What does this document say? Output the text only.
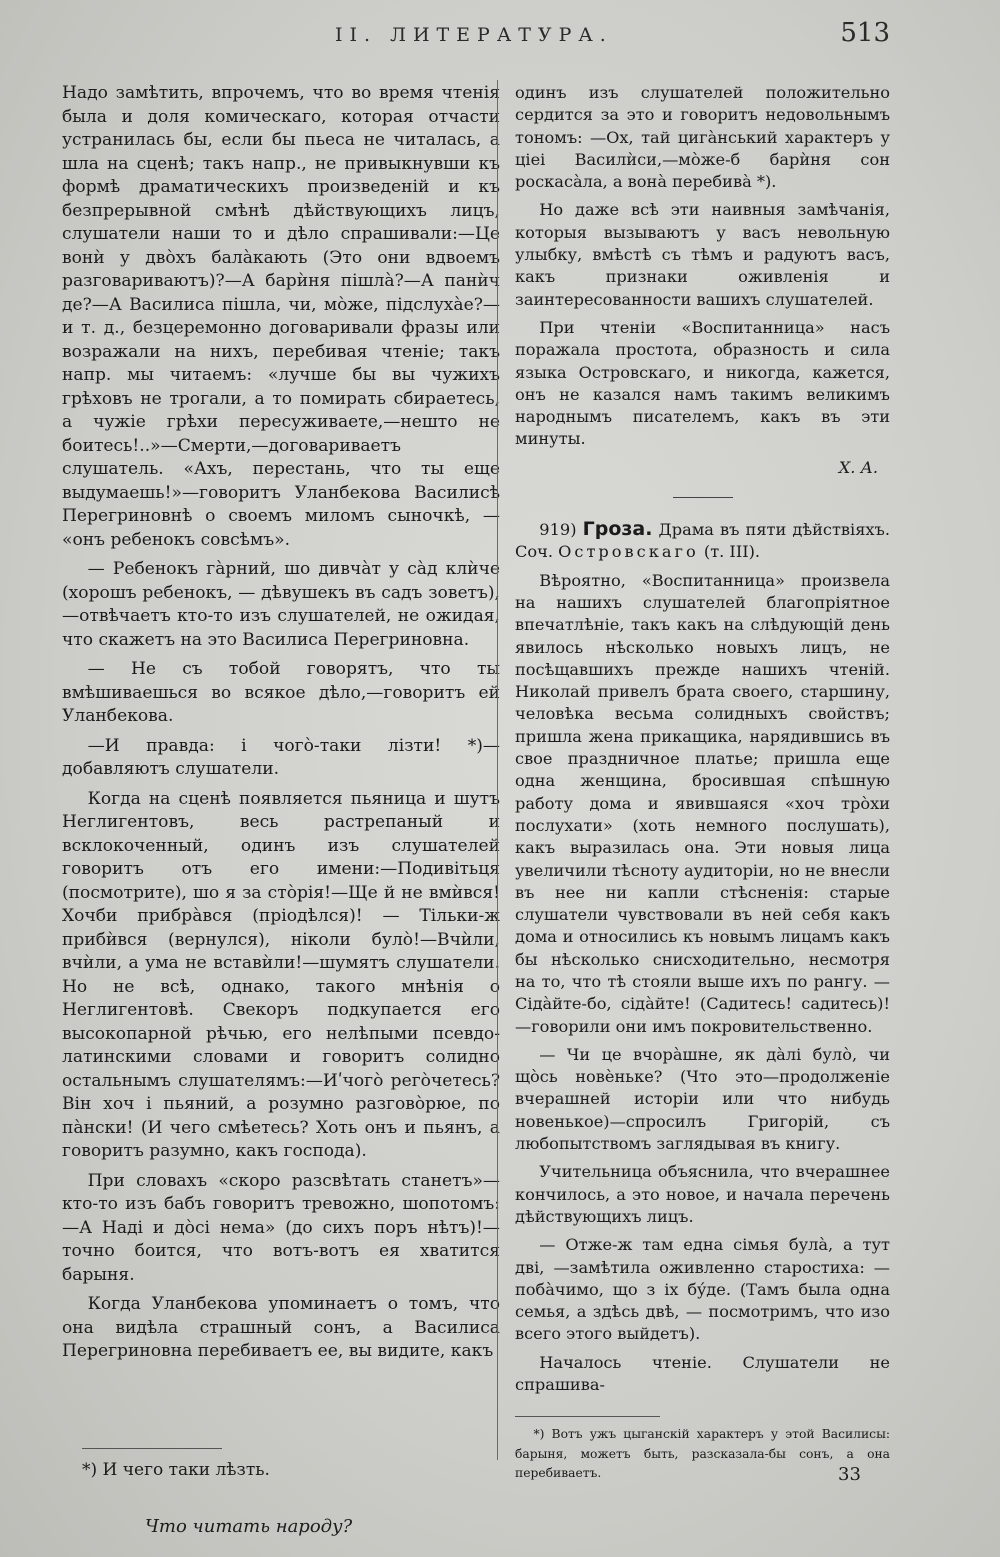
II. ЛИТЕРАТУРА.	513

Надо замѣтить, впрочемъ, что во время чтенія была и доля комическаго, которая отчасти устранилась бы, если бы пьеса не читалась, а шла на сценѣ; такъ напр., не привыкнувши къ формѣ драматическихъ произведеній и къ безпрерывной смѣнѣ дѣйствующихъ лицъ, слушатели наши то и дѣло спрашивали:—Це вонѝ у двòхъ балàкають (Это они вдвоемъ разговариваютъ)?—А барѝня пішлà?—А панѝч де?—А Василиса пішла, чи, мòже, підслухàе?—и т. д., безцеремонно договаривали фразы или возражали на нихъ, перебивая чтеніе; такъ напр. мы читаемъ: «лучше бы вы чужихъ грѣховъ не трогали, а то помирать сбираетесь, а чужіе грѣхи пересуживаете,—нешто не боитесь!..»—Смерти,—договариваетъ слушатель. «Ахъ, перестань, что ты еще выдумаешь!»—говоритъ Уланбекова Василисѣ Перегриновнѣ о своемъ миломъ сыночкѣ, — «онъ ребенокъ совсѣмъ».

— Ребенокъ гàрний, шо дивчàт у сàд клѝче (хорошъ ребенокъ, — дѣвушекъ въ садъ зоветъ),—отвѣчаетъ кто-то изъ слушателей, не ожидая, что скажетъ на это Василиса Перегриновна.

— Не съ тобой говорятъ, что ты вмѣшиваешься во всякое дѣло,—говоритъ ей Уланбекова.

—И правда: і чогò-таки лізти! *)—добавляютъ слушатели.

Когда на сценѣ появляется пьяница и шутъ Неглигентовъ, весь растрепаный и всклокоченный, одинъ изъ слушателей говоритъ отъ его имени:—Подивітьця (посмотрите), шо я за стòрія!—Ще й не вмѝвся! Хочби прибрàвся (пріодѣлся)! — Тільки-ж прибѝвся (вернулся), ніколи булò!—Вчѝли, вчѝли, а ума не вставѝли!—шумятъ слушатели. Но не всѣ, однако, такого мнѣнія о Неглигентовѣ. Свекоръ подкупается его высокопарной рѣчью, его нелѣпыми псевдо-латинскими словами и говоритъ солидно остальнымъ слушателямъ:—Иʹчогò регòчетесь? Він хоч і пьяний, а розумно разговòрюе, по пàнски! (И чего смѣетесь? Хоть онъ и пьянъ, а говоритъ разумно, какъ господа).

При словахъ «скоро разсвѣтать станетъ»—кто-то изъ бабъ говоритъ тревожно, шопотомъ:—А Наді и дòсі нема» (до сихъ поръ нѣтъ)!—точно боится, что вотъ-вотъ ея хватится барыня.

Когда Уланбекова упоминаетъ о томъ, что она видѣла страшный сонъ, а Василиса Перегриновна перебиваетъ ее, вы видите, какъ

одинъ изъ слушателей положительно сердится за это и говоритъ недовольнымъ тономъ: —Ох, тай цигàнський характеръ у ціеі Василѝси,—мòже-б барѝня сон роскасàла, а вонà перебивà *).

Но даже всѣ эти наивныя замѣчанія, которыя вызываютъ у васъ невольную улыбку, вмѣстѣ съ тѣмъ и радуютъ васъ, какъ признаки оживленія и заинтересованности вашихъ слушателей.

При чтеніи «Воспитанница» насъ поражала простота, образность и сила языка Островскаго, и никогда, кажется, онъ не казался намъ такимъ великимъ народнымъ писателемъ, какъ въ эти минуты.

Х. А.

919) Гроза. Драма въ пяти дѣйствіяхъ. Соч. Островскаго (т. III).

Вѣроятно, «Воспитанница» произвела на нашихъ слушателей благопріятное впечатлѣніе, такъ какъ на слѣдующій день явилось нѣсколько новыхъ лицъ, не посѣщавшихъ прежде нашихъ чтеній. Николай привелъ брата своего, старшину, человѣка весьма солидныхъ свойствъ; пришла жена прикащика, нарядившись въ свое праздничное платье; пришла еще одна женщина, бросившая спѣшную работу дома и явившаяся «хоч трòхи послухати» (хоть немного послушать), какъ выразилась она. Эти новыя лица увеличили тѣсноту аудиторіи, но не внесли въ нее ни капли стѣсненія: старые слушатели чувствовали въ ней себя какъ дома и относились къ новымъ лицамъ какъ бы нѣсколько снисходительно, несмотря на то, что тѣ стояли выше ихъ по рангу. — Сідàйте-бо, сідàйте! (Садитесь! садитесь)!—говорили они имъ покровительственно.

— Чи це вчорàшне, як дàлі булò, чи щòсь новèньке? (Что это—продолженіе вчерашней исторіи или что нибудь новенькое)—спросилъ Григорій, съ любопытствомъ заглядывая въ книгу.

Учительница объяснила, что вчерашнее кончилось, а это новое, и начала перечень дѣйствующихъ лицъ.

— Отже-ж там една сімья булà, а тут дві, —замѣтила оживленно старостиха: — побàчимо, що з іх бýде. (Тамъ была одна семья, а здѣсь двѣ, — посмотримъ, что изо всего этого выйдетъ).

Началось чтеніе. Слушатели не спрашива-

*) Вотъ ужъ цыганскій характеръ у этой Василисы: барыня, можетъ быть, разсказала-бы сонъ, а она перебиваетъ.

*) И чего таки лѣзть.	33
Что читать народу?
